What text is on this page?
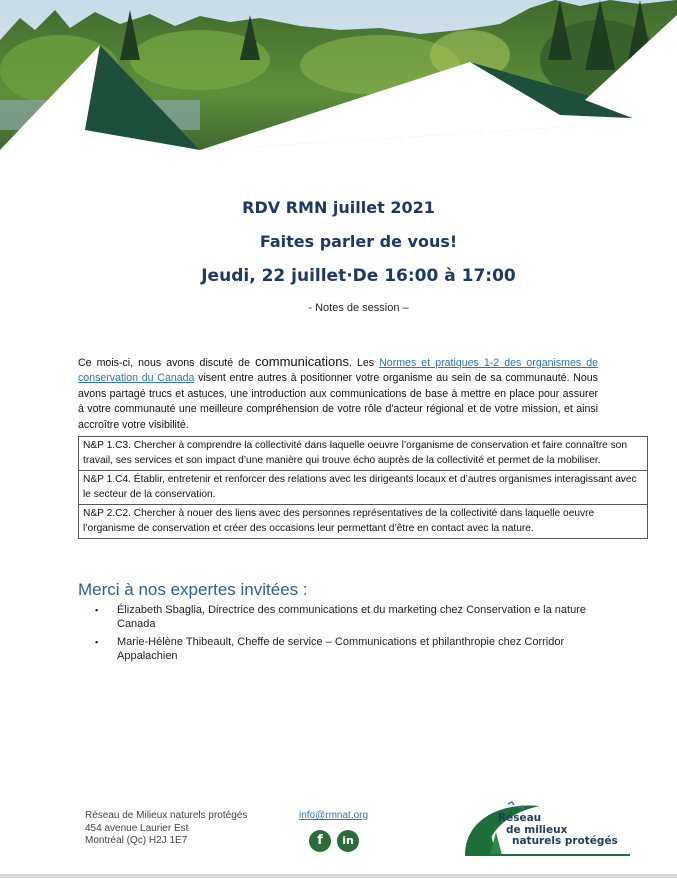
RDV RMN juillet 2021
Faites parler de vous!
Jeudi, 22 juillet·De 16:00 à 17:00
- Notes de session –

Ce mois-ci, nous avons discuté de communications. Les Normes et pratiques 1-2 des organismes de conservation du Canada visent entre autres à positionner votre organisme au sein de sa communauté. Nous avons partagé trucs et astuces, une introduction aux communications de base à mettre en place pour assurer à votre communauté une meilleure compréhension de votre rôle d'acteur régional et de votre mission, et ainsi accroître votre visibilité.

N&P 1.C3. Chercher à comprendre la collectivité dans laquelle oeuvre l’organisme de conservation et faire connaître son travail, ses services et son impact d’une manière qui trouve écho auprès de la collectivité et permet de la mobiliser.
N&P 1.C4. Établir, entretenir et renforcer des relations avec les dirigeants locaux et d’autres organismes interagissant avec le secteur de la conservation.
N&P 2.C2. Chercher à nouer des liens avec des personnes représentatives de la collectivité dans laquelle oeuvre l’organisme de conservation et créer des occasions leur permettant d’être en contact avec la nature.
Merci à nos expertes invitées :
▪ Élizabeth Sbaglia, Directrice des communications et du marketing chez Conservation e la nature Canada
▪ Marie-Hélène Thibeault, Cheffe de service – Communications et philanthropie chez Corridor Appalachien
Réseau de Milieux naturels protégés
454 avenue Laurier Est
Montréal (Qc) H2J 1E7
info@rmnat.org
f in
Réseau
de milieux
naturels protégés
